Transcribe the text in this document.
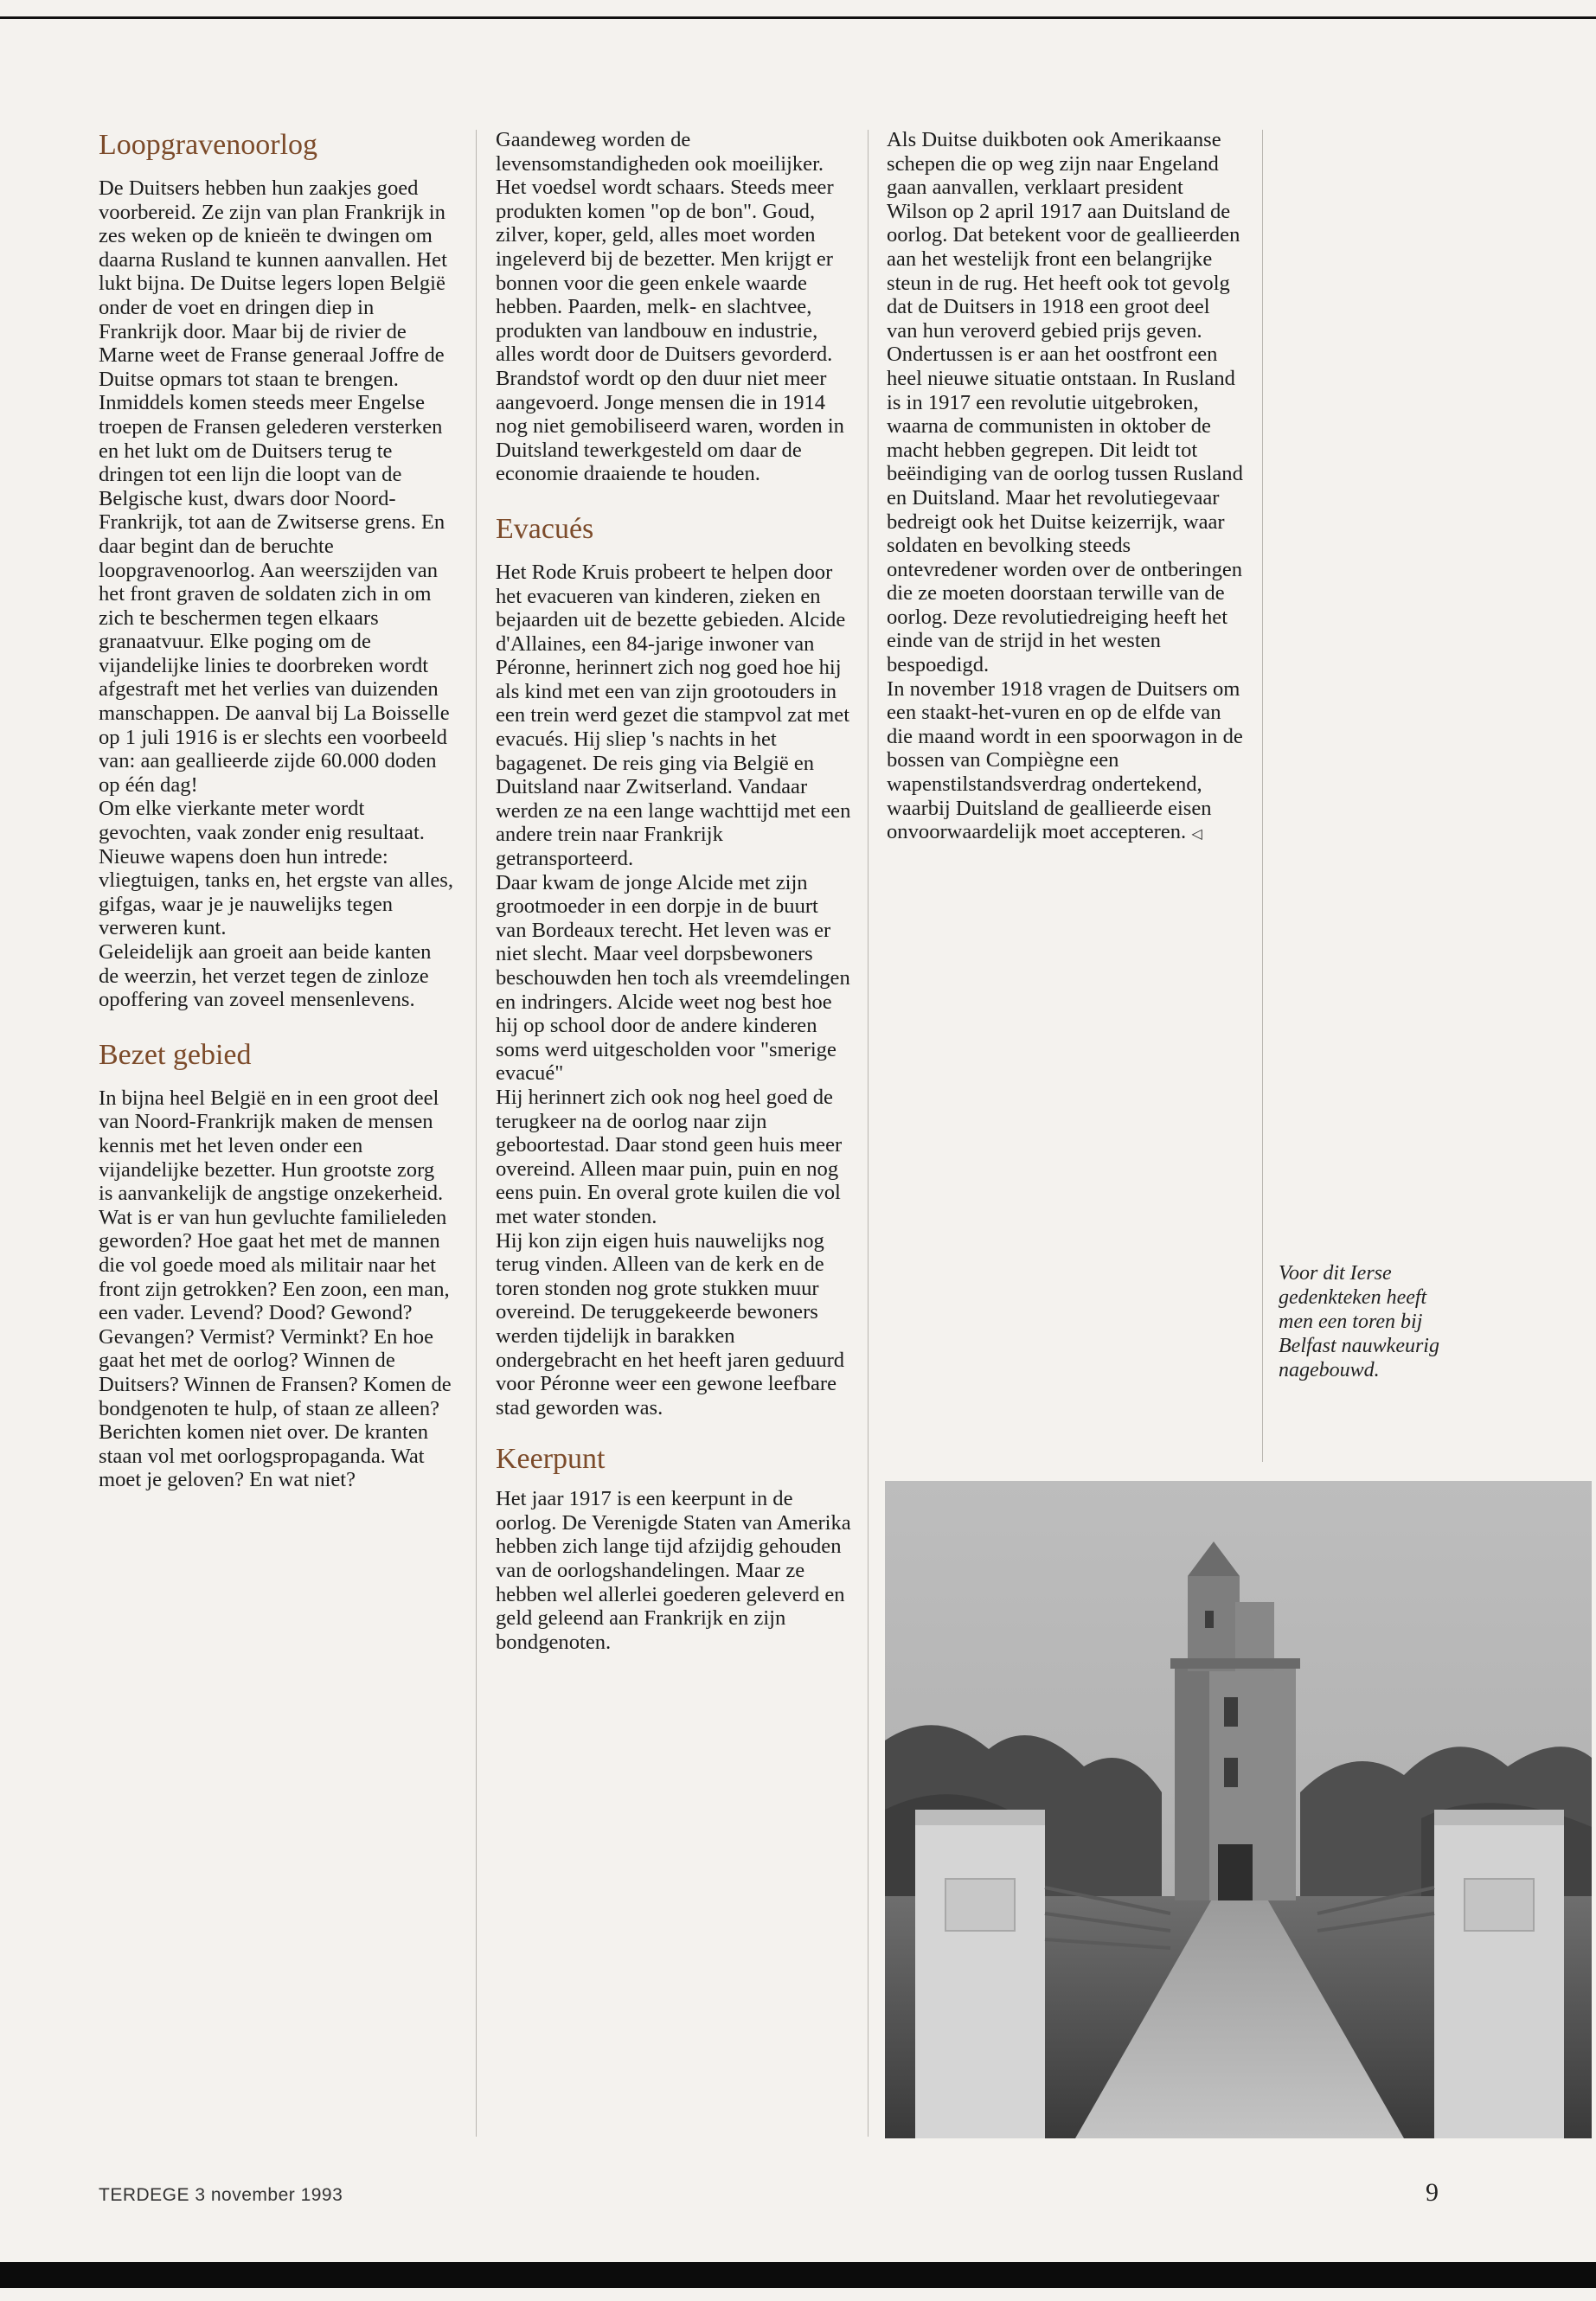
Loopgravenoorlog

De Duitsers hebben hun zaakjes goed voorbereid. Ze zijn van plan Frankrijk in zes weken op de knieën te dwingen om daarna Rusland te kunnen aanvallen. Het lukt bijna. De Duitse legers lopen België onder de voet en dringen diep in Frankrijk door. Maar bij de rivier de Marne weet de Franse generaal Joffre de Duitse opmars tot staan te brengen.

Inmiddels komen steeds meer Engelse troepen de Fransen gelederen versterken en het lukt om de Duitsers terug te dringen tot een lijn die loopt van de Belgische kust, dwars door Noord-Frankrijk, tot aan de Zwitserse grens. En daar begint dan de beruchte loopgravenoorlog. Aan weerszijden van het front graven de soldaten zich in om zich te beschermen tegen elkaars granaatvuur. Elke poging om de vijandelijke linies te doorbreken wordt afgestraft met het verlies van duizenden manschappen. De aanval bij La Boisselle op 1 juli 1916 is er slechts een voorbeeld van: aan geallieerde zijde 60.000 doden op één dag!

Om elke vierkante meter wordt gevochten, vaak zonder enig resultaat. Nieuwe wapens doen hun intrede: vliegtuigen, tanks en, het ergste van alles, gifgas, waar je je nauwelijks tegen verweren kunt.

Geleidelijk aan groeit aan beide kanten de weerzin, het verzet tegen de zinloze opoffering van zoveel mensenlevens.

Bezet gebied

In bijna heel België en in een groot deel van Noord-Frankrijk maken de mensen kennis met het leven onder een vijandelijke bezetter. Hun grootste zorg is aanvankelijk de angstige onzekerheid. Wat is er van hun gevluchte familieleden geworden? Hoe gaat het met de mannen die vol goede moed als militair naar het front zijn getrokken? Een zoon, een man, een vader. Levend? Dood? Gewond? Gevangen? Vermist? Verminkt? En hoe gaat het met de oorlog? Winnen de Duitsers? Winnen de Fransen? Komen de bondgenoten te hulp, of staan ze alleen? Berichten komen niet over. De kranten staan vol met oorlogspropaganda. Wat moet je geloven? En wat niet?

Gaandeweg worden de levensomstandigheden ook moeilijker. Het voedsel wordt schaars. Steeds meer produkten komen "op de bon". Goud, zilver, koper, geld, alles moet worden ingeleverd bij de bezetter. Men krijgt er bonnen voor die geen enkele waarde hebben. Paarden, melk- en slachtvee, produkten van landbouw en industrie, alles wordt door de Duitsers gevorderd. Brandstof wordt op den duur niet meer aangevoerd. Jonge mensen die in 1914 nog niet gemobiliseerd waren, worden in Duitsland tewerkgesteld om daar de economie draaiende te houden.

Evacués

Het Rode Kruis probeert te helpen door het evacueren van kinderen, zieken en bejaarden uit de bezette gebieden. Alcide d'Allaines, een 84-jarige inwoner van Péronne, herinnert zich nog goed hoe hij als kind met een van zijn grootouders in een trein werd gezet die stampvol zat met evacués. Hij sliep 's nachts in het bagagenet. De reis ging via België en Duitsland naar Zwitserland. Vandaar werden ze na een lange wachttijd met een andere trein naar Frankrijk getransporteerd.

Daar kwam de jonge Alcide met zijn grootmoeder in een dorpje in de buurt van Bordeaux terecht. Het leven was er niet slecht. Maar veel dorpsbewoners beschouwden hen toch als vreemdelingen en indringers. Alcide weet nog best hoe hij op school door de andere kinderen soms werd uitgescholden voor "smerige evacué"

Hij herinnert zich ook nog heel goed de terugkeer na de oorlog naar zijn geboortestad. Daar stond geen huis meer overeind. Alleen maar puin, puin en nog eens puin. En overal grote kuilen die vol met water stonden.

Hij kon zijn eigen huis nauwelijks nog terug vinden. Alleen van de kerk en de toren stonden nog grote stukken muur overeind. De teruggekeerde bewoners werden tijdelijk in barakken ondergebracht en het heeft jaren geduurd voor Péronne weer een gewone leefbare stad geworden was.

Keerpunt

Het jaar 1917 is een keerpunt in de oorlog. De Verenigde Staten van Amerika hebben zich lange tijd afzijdig gehouden van de oorlogshandelingen. Maar ze hebben wel allerlei goederen geleverd en geld geleend aan Frankrijk en zijn bondgenoten.

Als Duitse duikboten ook Amerikaanse schepen die op weg zijn naar Engeland gaan aanvallen, verklaart president Wilson op 2 april 1917 aan Duitsland de oorlog. Dat betekent voor de geallieerden aan het westelijk front een belangrijke steun in de rug. Het heeft ook tot gevolg dat de Duitsers in 1918 een groot deel van hun veroverd gebied prijs geven.

Ondertussen is er aan het oostfront een heel nieuwe situatie ontstaan. In Rusland is in 1917 een revolutie uitgebroken, waarna de communisten in oktober de macht hebben gegrepen. Dit leidt tot beëindiging van de oorlog tussen Rusland en Duitsland. Maar het revolutiegevaar bedreigt ook het Duitse keizerrijk, waar soldaten en bevolking steeds ontevredener worden over de ontberingen die ze moeten doorstaan terwille van de oorlog. Deze revolutiedreiging heeft het einde van de strijd in het westen bespoedigd.

In november 1918 vragen de Duitsers om een staakt-het-vuren en op de elfde van die maand wordt in een spoorwagon in de bossen van Compiègne een wapenstilstandsverdrag ondertekend, waarbij Duitsland de geallieerde eisen onvoorwaardelijk moet accepteren. ◁

Voor dit Ierse gedenkteken heeft men een toren bij Belfast nauwkeurig nagebouwd.
TERDEGE 3 november 1993	9
